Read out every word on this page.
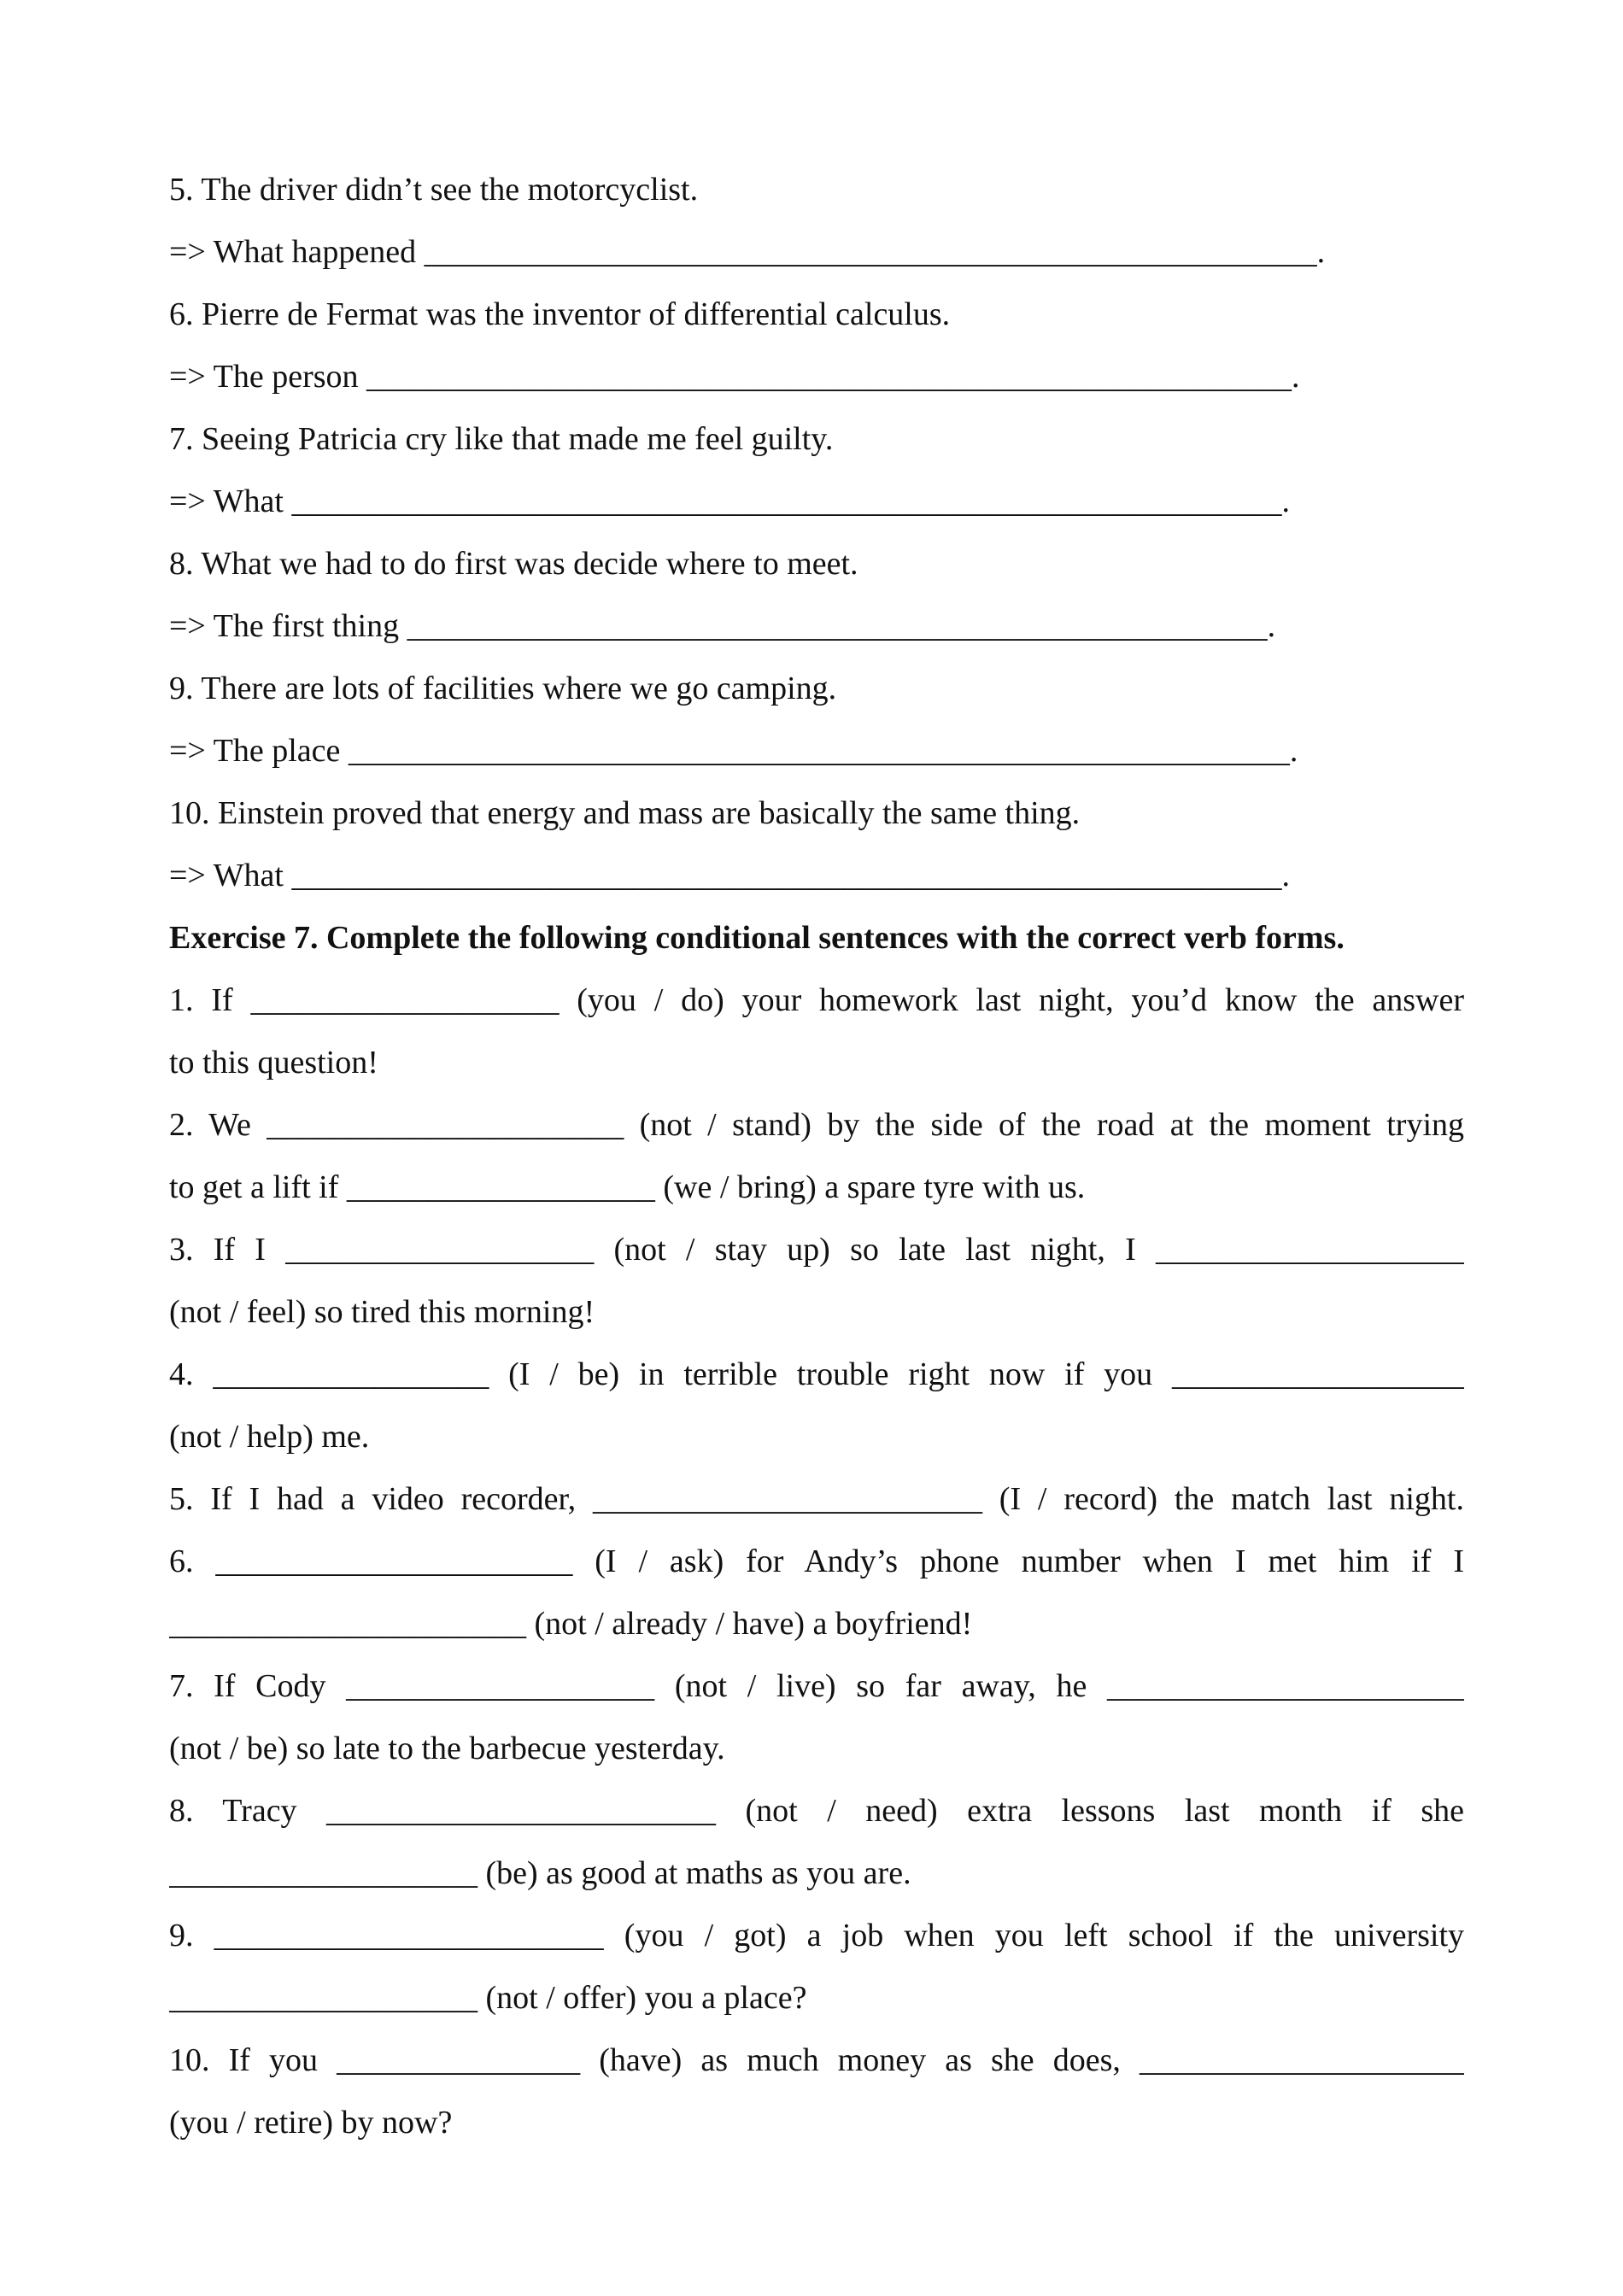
5. The driver didn’t see the motorcyclist.
=> What happened _______________________________________________________.
6. Pierre de Fermat was the inventor of differential calculus.
=> The person _________________________________________________________.
7. Seeing Patricia cry like that made me feel guilty.
=> What _____________________________________________________________.
8. What we had to do first was decide where to meet.
=> The first thing _____________________________________________________.
9. There are lots of facilities where we go camping.
=> The place __________________________________________________________.
10. Einstein proved that energy and mass are basically the same thing.
=> What _____________________________________________________________.
Exercise 7. Complete the following conditional sentences with the correct verb forms.
1. If ___________________ (you / do) your homework last night, you’d know the answer
to this question!
2. We ______________________ (not / stand) by the side of the road at the moment trying
to get a lift if ___________________ (we / bring) a spare tyre with us.
3. If I ___________________ (not / stay up) so late last night, I ___________________
(not / feel) so tired this morning!
4. _________________ (I / be) in terrible trouble right now if you __________________
(not / help) me.
5. If I had a video recorder, ________________________ (I / record) the match last night.
6. ______________________ (I / ask) for Andy’s phone number when I met him if I
______________________ (not / already / have) a boyfriend!
7. If Cody ___________________ (not / live) so far away, he ______________________
(not / be) so late to the barbecue yesterday.
8. Tracy ________________________ (not / need) extra lessons last month if she
___________________ (be) as good at maths as you are.
9. ________________________ (you / got) a job when you left school if the university
___________________ (not / offer) you a place?
10. If you _______________ (have) as much money as she does, ____________________
(you / retire) by now?
